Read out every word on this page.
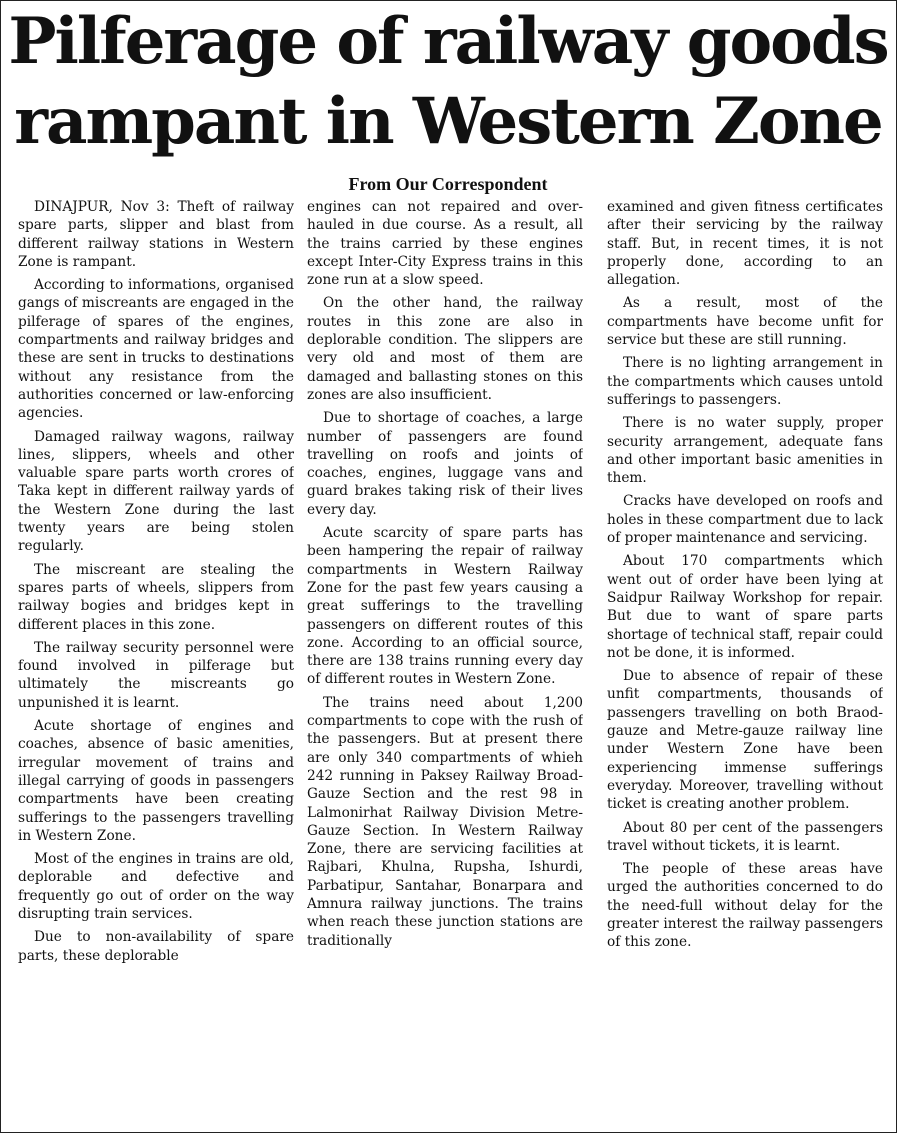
Pilferage of railway goods
rampant in Western Zone
From Our Correspondent

DINAJPUR, Nov 3: Theft of railway spare parts, slipper and blast from different railway stations in Western Zone is rampant.

According to informations, organised gangs of miscreants are engaged in the pilferage of spares of the engines, compartments and railway bridges and these are sent in trucks to destinations without any resistance from the authorities concerned or law-enforcing agencies.

Damaged railway wagons, railway lines, slippers, wheels and other valuable spare parts worth crores of Taka kept in different railway yards of the Western Zone during the last twenty years are being stolen regularly.

The miscreant are stealing the spares parts of wheels, slippers from railway bogies and bridges kept in different places in this zone.

The railway security personnel were found involved in pilferage but ultimately the miscreants go unpunished it is learnt.

Acute shortage of engines and coaches, absence of basic amenities, irregular movement of trains and illegal carrying of goods in passengers compartments have been creating sufferings to the passengers travelling in Western Zone.

Most of the engines in trains are old, deplorable and defective and frequently go out of order on the way disrupting train services.

Due to non-availability of spare parts, these deplorable

engines can not repaired and over-hauled in due course. As a result, all the trains carried by these engines except Inter-City Express trains in this zone run at a slow speed.

On the other hand, the railway routes in this zone are also in deplorable condition. The slippers are very old and most of them are damaged and ballasting stones on this zones are also insufficient.

Due to shortage of coaches, a large number of passengers are found travelling on roofs and joints of coaches, engines, luggage vans and guard brakes taking risk of their lives every day.

Acute scarcity of spare parts has been hampering the repair of railway compartments in Western Railway Zone for the past few years causing a great sufferings to the travelling passengers on different routes of this zone. According to an official source, there are 138 trains running every day of different routes in Western Zone.

The trains need about 1,200 compartments to cope with the rush of the passengers. But at present there are only 340 compartments of whieh 242 running in Paksey Railway Broad-Gauze Section and the rest 98 in Lalmonirhat Railway Division Metre-Gauze Section. In Western Railway Zone, there are servicing facilities at Rajbari, Khulna, Rupsha, Ishurdi, Parbatipur, Santahar, Bonarpara and Amnura railway junctions. The trains when reach these junction stations are traditionally

examined and given fitness certificates after their servicing by the railway staff. But, in recent times, it is not properly done, according to an allegation.

As a result, most of the compartments have become unfit for service but these are still running.

There is no lighting arrangement in the compartments which causes untold sufferings to passengers.

There is no water supply, proper security arrangement, adequate fans and other important basic amenities in them.

Cracks have developed on roofs and holes in these compartment due to lack of proper maintenance and servicing.

About 170 compartments which went out of order have been lying at Saidpur Railway Workshop for repair. But due to want of spare parts shortage of technical staff, repair could not be done, it is informed.

Due to absence of repair of these unfit compartments, thousands of passengers travelling on both Braod-gauze and Metre-gauze railway line under Western Zone have been experiencing immense sufferings everyday. Moreover, travelling without ticket is creating another problem.

About 80 per cent of the passengers travel without tickets, it is learnt.

The people of these areas have urged the authorities concerned to do the need-full without delay for the greater interest the railway passengers of this zone.
